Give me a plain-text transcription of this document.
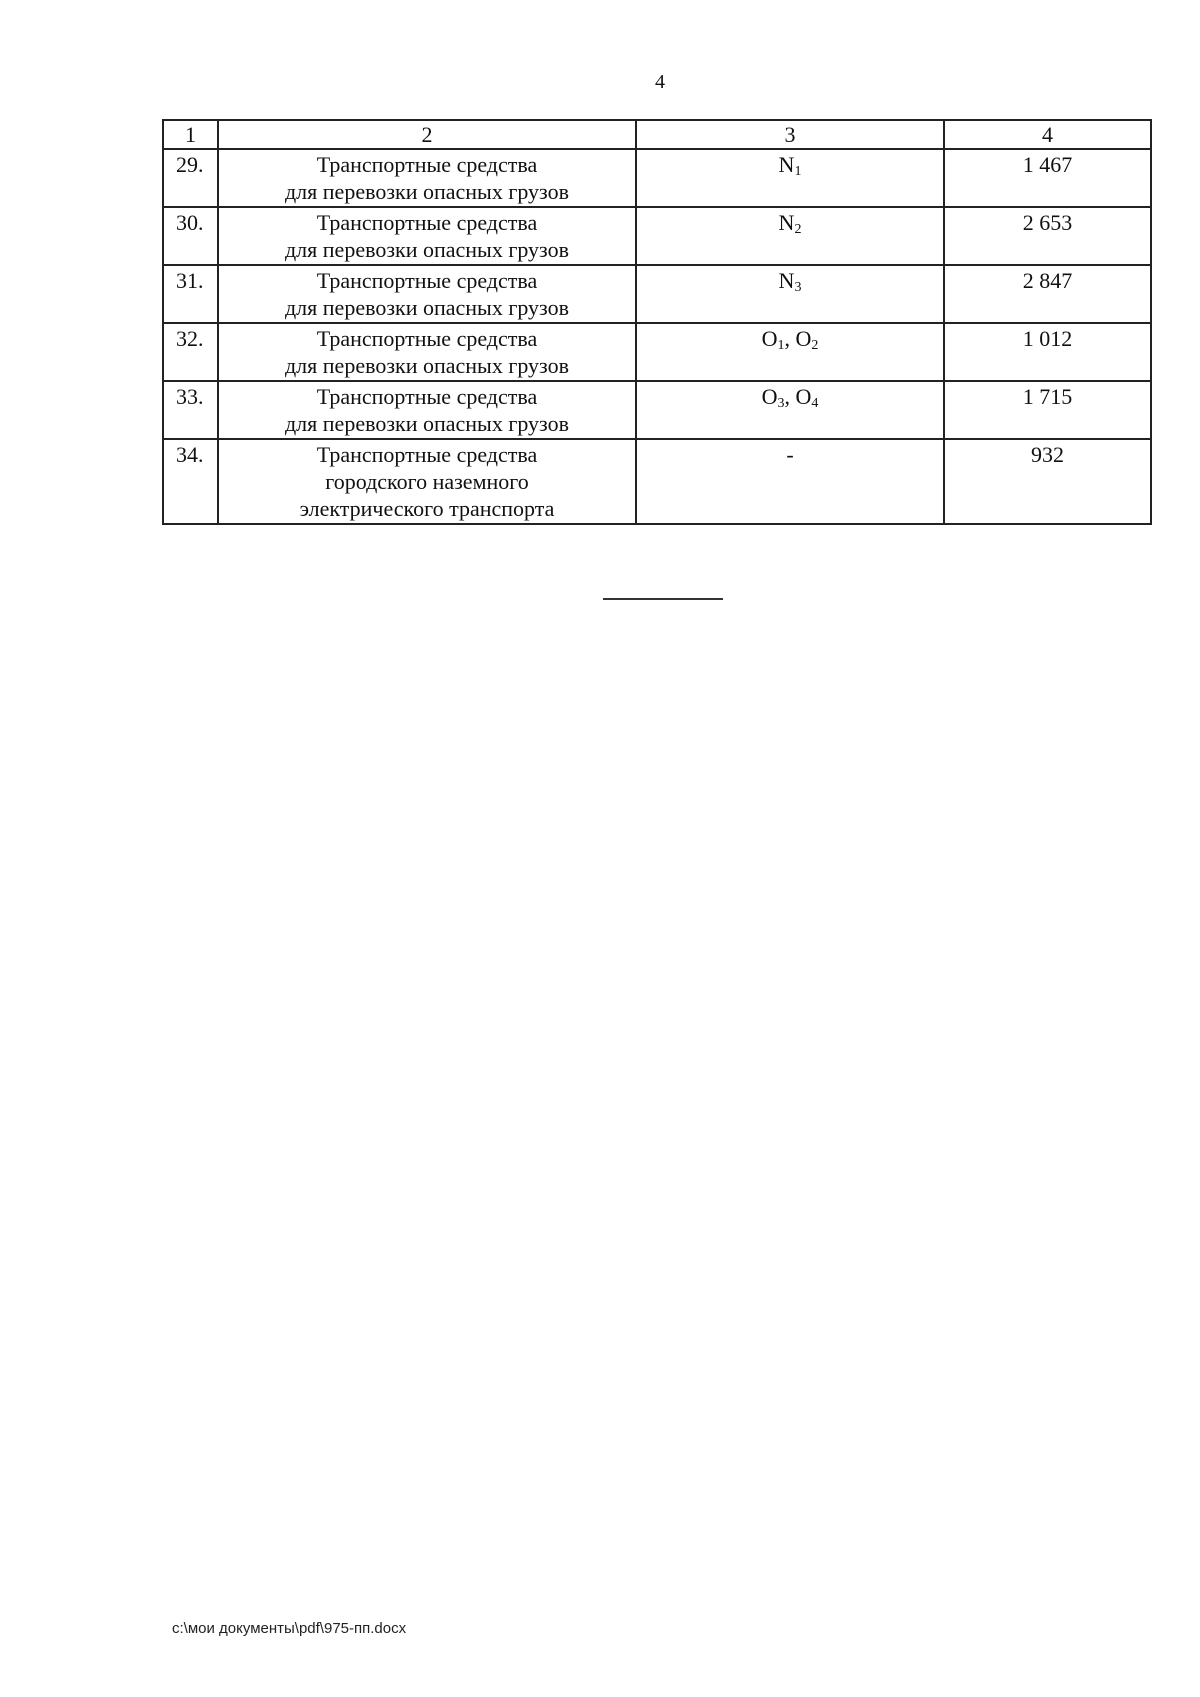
4
1	2	3	4
29.	Транспортные средства
для перевозки опасных грузов	$N_1$	1 467
30.	Транспортные средства
для перевозки опасных грузов	$N_2$	2 653
31.	Транспортные средства
для перевозки опасных грузов	$N_3$	2 847
32.	Транспортные средства
для перевозки опасных грузов	$O_1$, $O_2$	1 012
33.	Транспортные средства
для перевозки опасных грузов	$O_3$, $O_4$	1 715
34.	Транспортные средства
городского наземного
электрического транспорта	-	932
c:\мои документы\pdf\975-пп.docx
